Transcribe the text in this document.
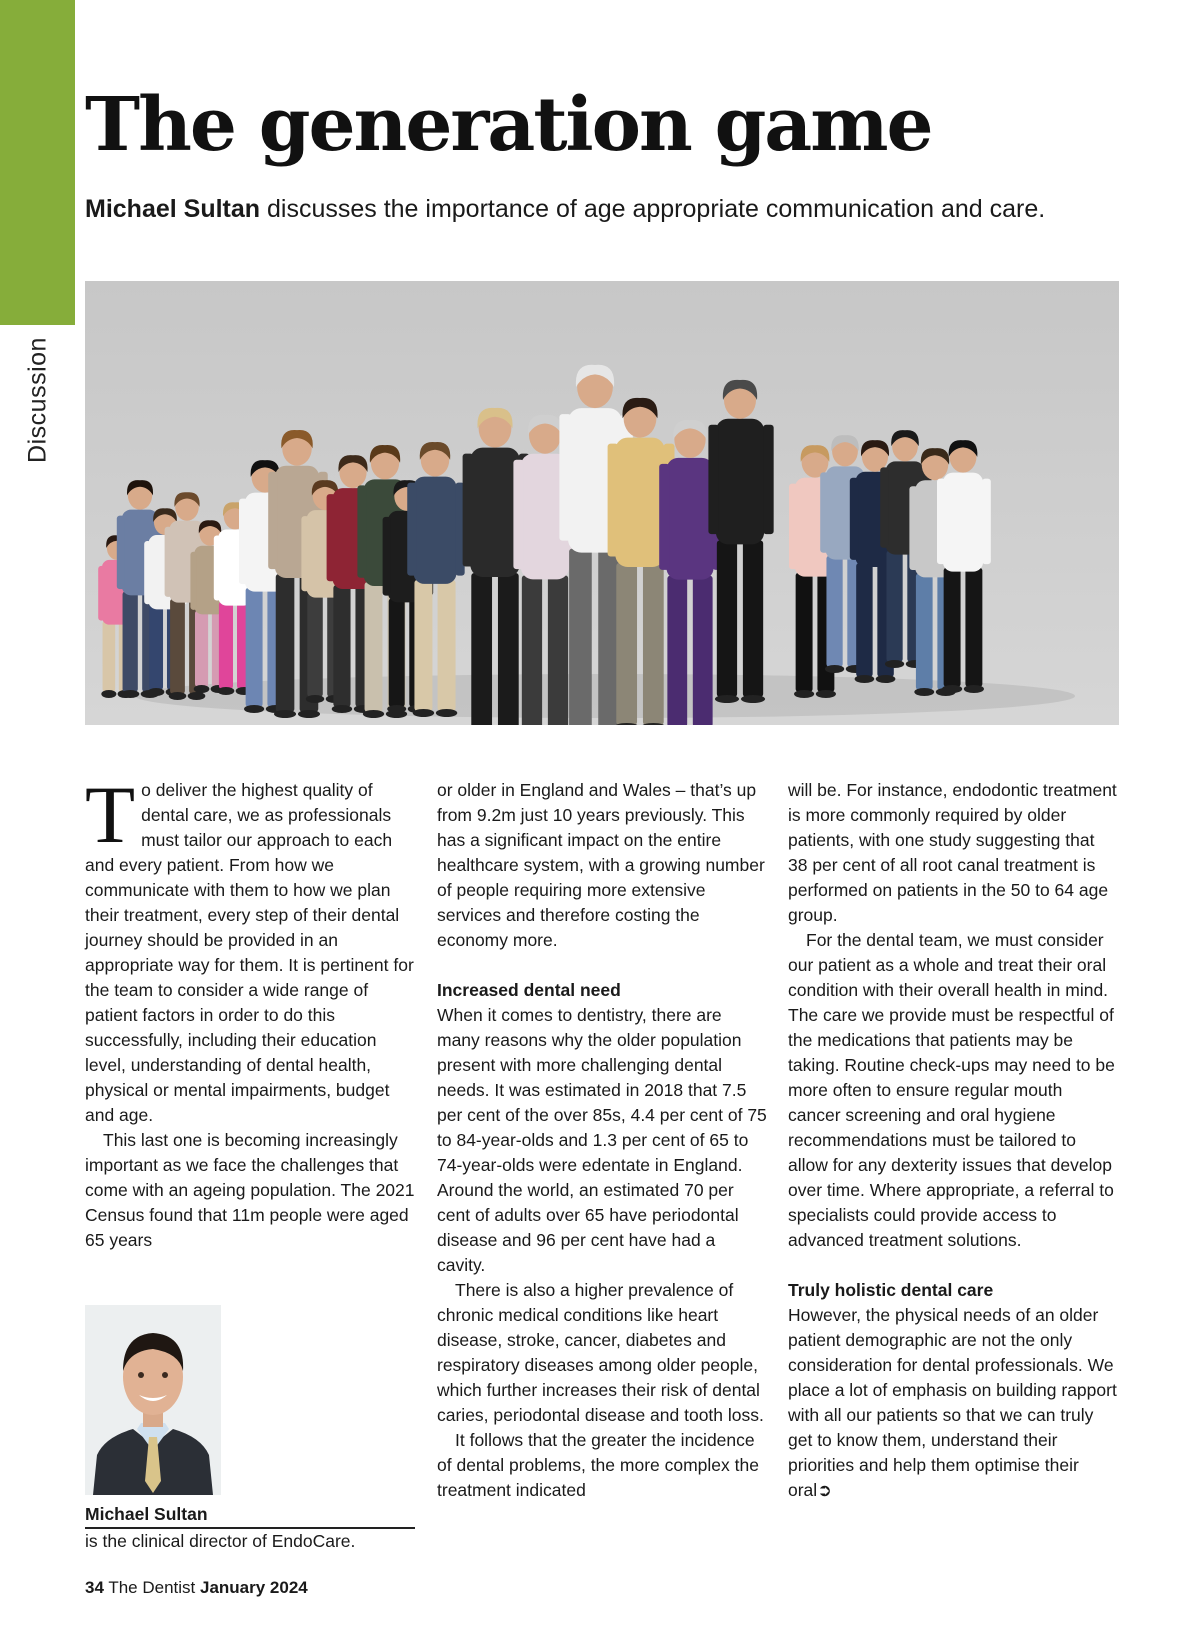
Discussion
The generation game

Michael Sultan discusses the importance of age appropriate communication and care.

To deliver the highest quality of dental care, we as professionals must tailor our approach to each and every patient. From how we communicate with them to how we plan their treatment, every step of their dental journey should be provided in an appropriate way for them. It is pertinent for the team to consider a wide range of patient factors in order to do this successfully, including their education level, understanding of dental health, physical or mental impairments, budget and age.

This last one is becoming increasingly important as we face the challenges that come with an ageing population. The 2021 Census found that 11m people were aged 65 years

or older in England and Wales – that’s up from 9.2m just 10 years previously. This has a significant impact on the entire healthcare system, with a growing number of people requiring more extensive services and therefore costing the economy more.

Increased dental need

When it comes to dentistry, there are many reasons why the older population present with more challenging dental needs. It was estimated in 2018 that 7.5 per cent of the over 85s, 4.4 per cent of 75 to 84-year-olds and 1.3 per cent of 65 to 74-year-olds were edentate in England. Around the world, an estimated 70 per cent of adults over 65 have periodontal disease and 96 per cent have had a cavity.

There is also a higher prevalence of chronic medical conditions like heart disease, stroke, cancer, diabetes and respiratory diseases among older people, which further increases their risk of dental caries, periodontal disease and tooth loss.

It follows that the greater the incidence of dental problems, the more complex the treatment indicated

will be. For instance, endodontic treatment is more commonly required by older patients, with one study suggesting that 38 per cent of all root canal treatment is performed on patients in the 50 to 64 age group.

For the dental team, we must consider our patient as a whole and treat their oral condition with their overall health in mind. The care we provide must be respectful of the medications that patients may be taking. Routine check-ups may need to be more often to ensure regular mouth cancer screening and oral hygiene recommendations must be tailored to allow for any dexterity issues that develop over time. Where appropriate, a referral to specialists could provide access to advanced treatment solutions.

Truly holistic dental care

However, the physical needs of an older patient demographic are not the only consideration for dental professionals. We place a lot of emphasis on building rapport with all our patients so that we can truly get to know them, understand their priorities and help them optimise their oral➲

Michael Sultan
is the clinical director of EndoCare.
34 The Dentist January 2024
